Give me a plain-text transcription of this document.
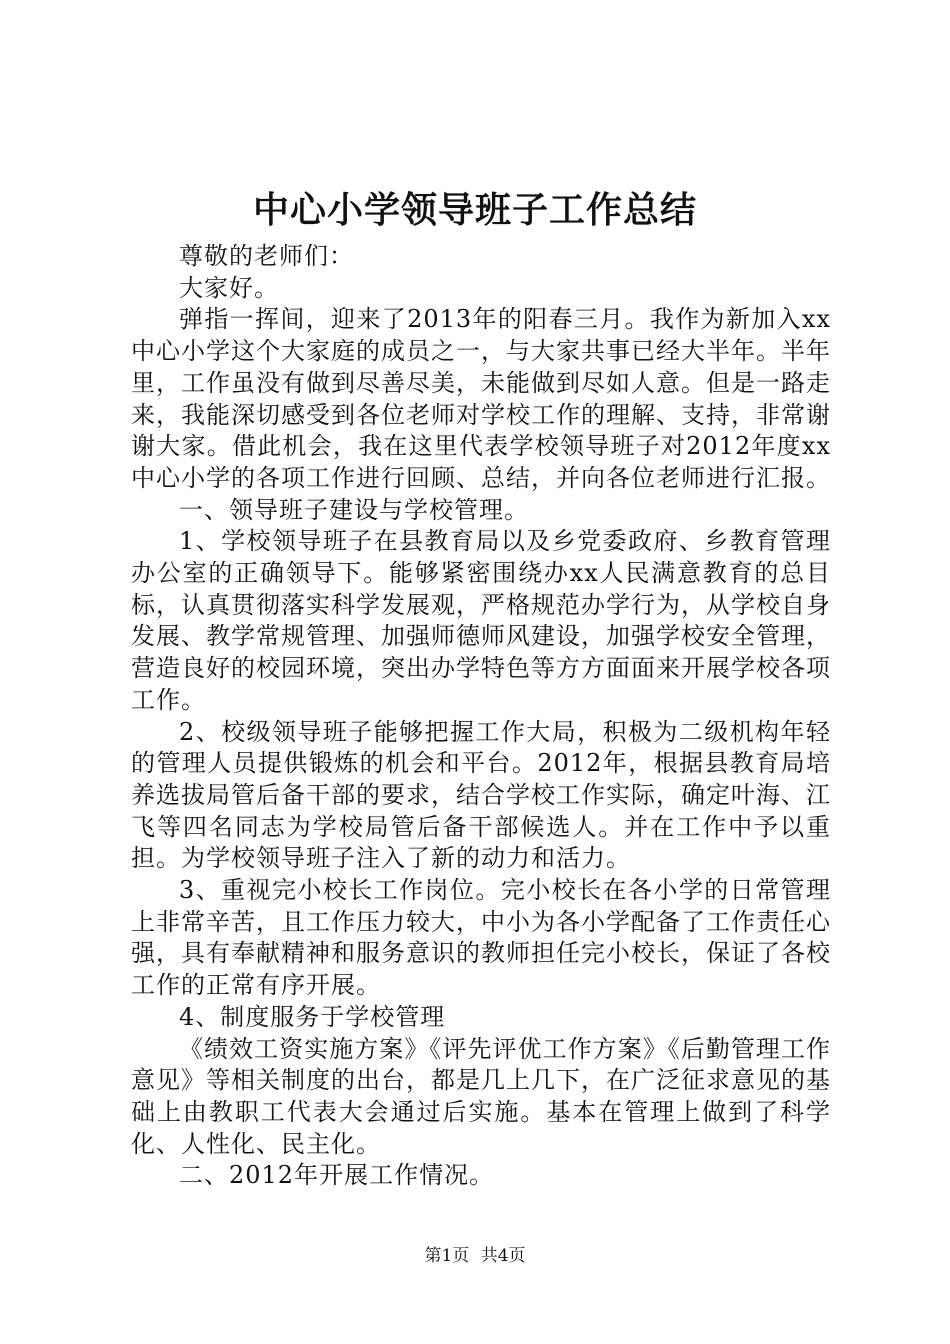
中心小学领导班子工作总结

尊敬的老师们：

大家好。

弹指一挥间，迎来了2013年的阳春三月。我作为新加入xx中心小学这个大家庭的成员之一，与大家共事已经大半年。半年里，工作虽没有做到尽善尽美，未能做到尽如人意。但是一路走来，我能深切感受到各位老师对学校工作的理解、支持，非常谢谢大家。借此机会，我在这里代表学校领导班子对2012年度xx中心小学的各项工作进行回顾、总结，并向各位老师进行汇报。

一、领导班子建设与学校管理。

1、学校领导班子在县教育局以及乡党委政府、乡教育管理办公室的正确领导下。能够紧密围绕办xx人民满意教育的总目标，认真贯彻落实科学发展观，严格规范办学行为，从学校自身发展、教学常规管理、加强师德师风建设，加强学校安全管理，营造良好的校园环境，突出办学特色等方方面面来开展学校各项工作。

2、校级领导班子能够把握工作大局，积极为二级机构年轻的管理人员提供锻炼的机会和平台。2012年，根据县教育局培养选拔局管后备干部的要求，结合学校工作实际，确定叶海、江飞等四名同志为学校局管后备干部候选人。并在工作中予以重担。为学校领导班子注入了新的动力和活力。

3、重视完小校长工作岗位。完小校长在各小学的日常管理上非常辛苦，且工作压力较大，中小为各小学配备了工作责任心强，具有奉献精神和服务意识的教师担任完小校长，保证了各校工作的正常有序开展。

4、制度服务于学校管理

《绩效工资实施方案》《评先评优工作方案》《后勤管理工作意见》等相关制度的出台，都是几上几下，在广泛征求意见的基础上由教职工代表大会通过后实施。基本在管理上做到了科学化、人性化、民主化。

二、2012年开展工作情况。

第1页 共4页
